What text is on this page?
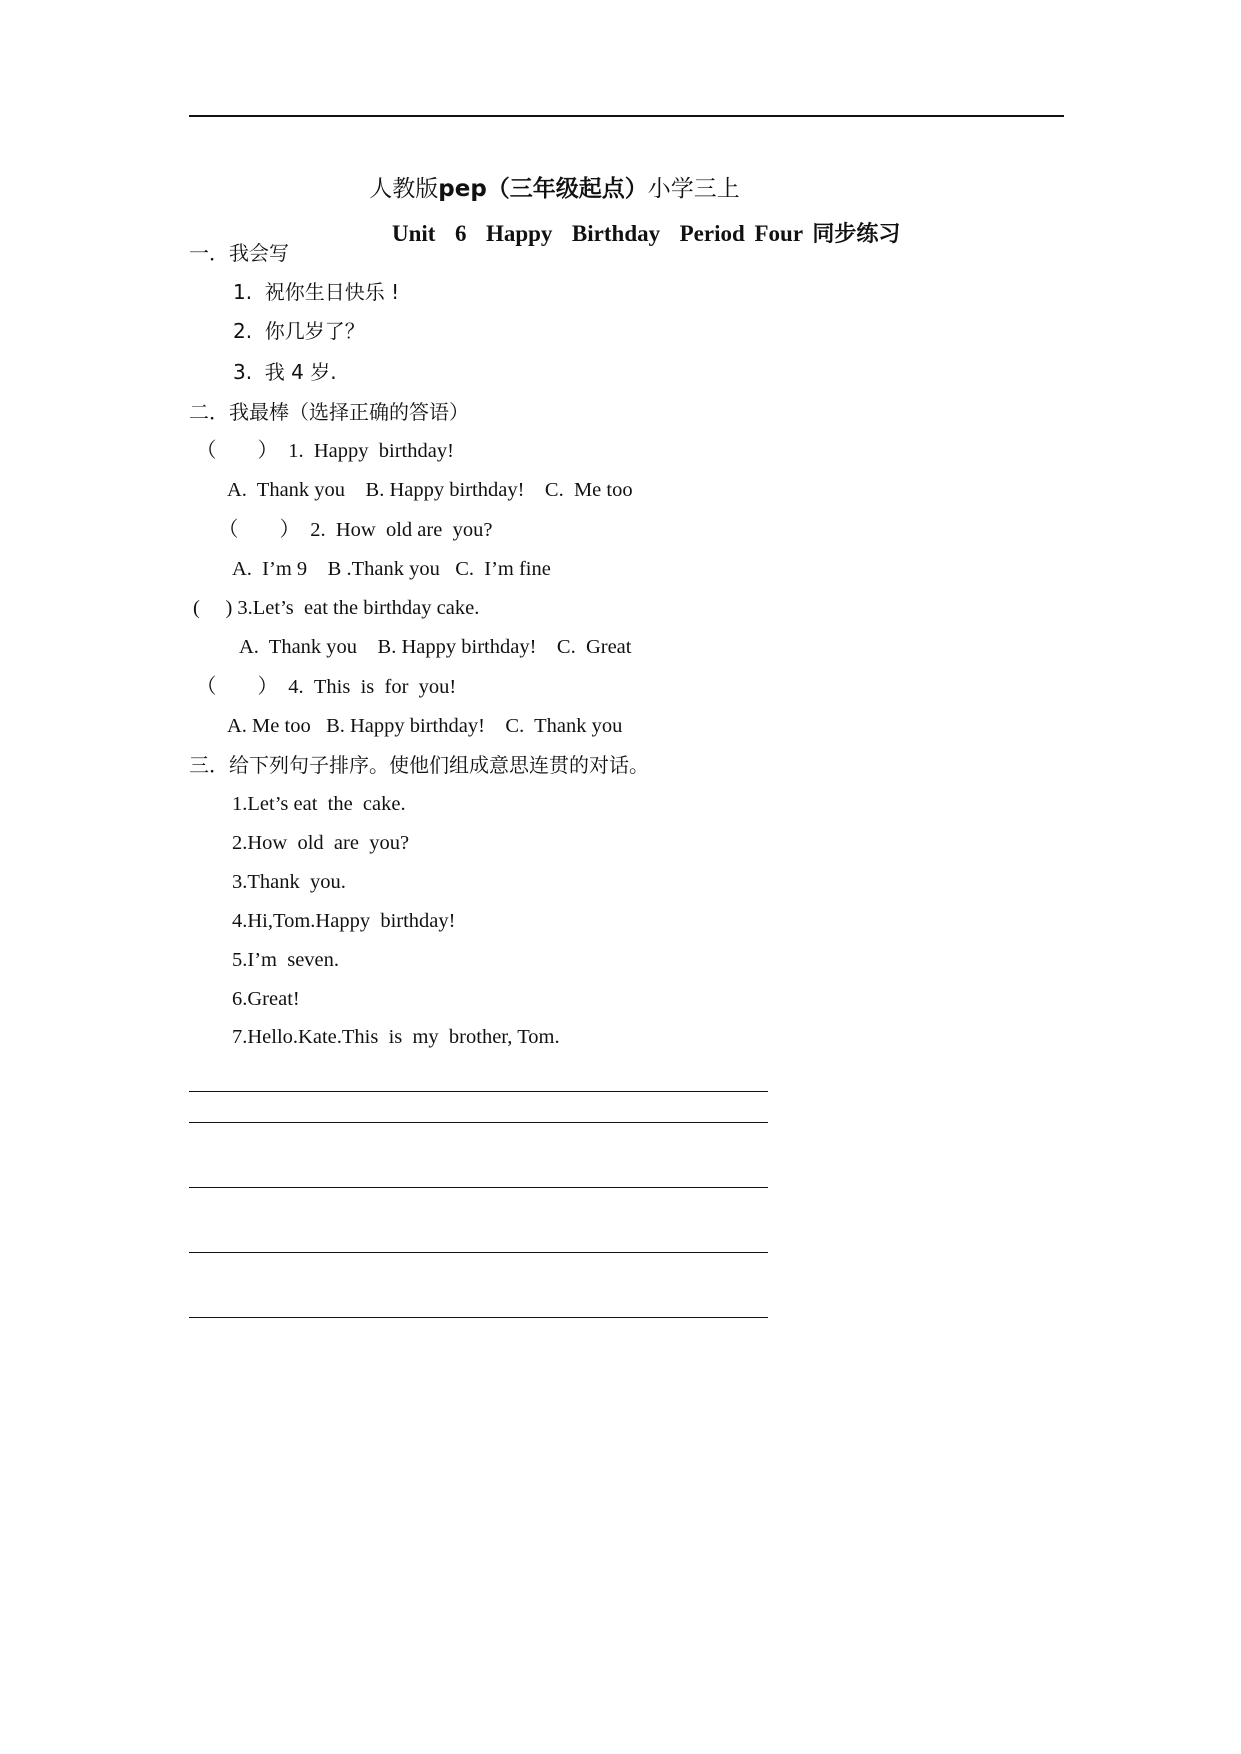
人教版pep（三年级起点）小学三上

Unit  6  Happy  Birthday  Period Four 同步练习

一．我会写
1.  祝你生日快乐 !
2.  你几岁了？
3.  我 4 岁.
二．我最棒（选择正确的答语）
（        ）  1.  Happy  birthday!
A.  Thank you    B. Happy birthday!    C.  Me too
（        ）  2.  How  old are  you?
A.  I’m 9    B .Thank you   C.  I’m fine
(     ) 3.Let’s  eat the birthday cake.
A.  Thank you    B. Happy birthday!    C.  Great
（        ）  4.  This  is  for  you!
A. Me too   B. Happy birthday!    C.  Thank you
三．给下列句子排序。使他们组成意思连贯的对话。
1.Let’s eat  the  cake.
2.How  old  are  you?
3.Thank  you.
4.Hi,Tom.Happy  birthday!
5.I’m  seven.
6.Great!
7.Hello.Kate.This  is  my  brother, Tom.
